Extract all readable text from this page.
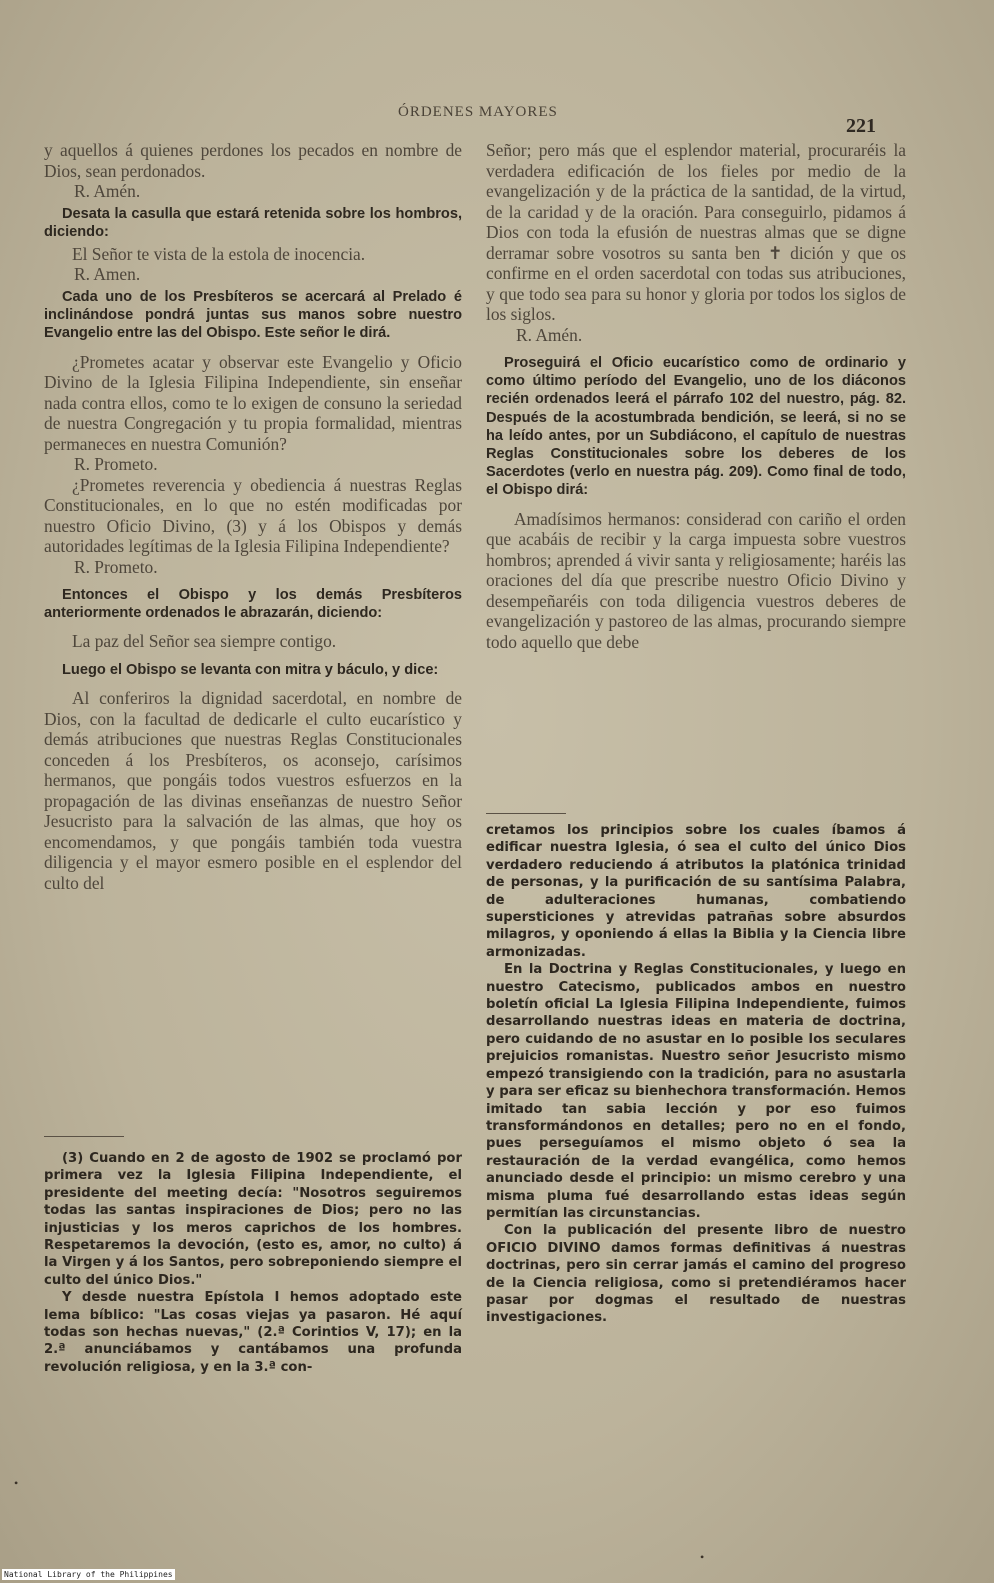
ÓRDENES MAYORES
221

y aquellos á quienes perdones los pecados en nombre de Dios, sean perdonados.

R. Amén.

Desata la casulla que estará retenida sobre los hombros, diciendo:

El Señor te vista de la estola de inocencia.

R. Amen.

Cada uno de los Presbíteros se acercará al Prelado é inclinándose pondrá juntas sus manos sobre nuestro Evangelio entre las del Obispo. Este señor le dirá.

¿Prometes acatar y observar este Evangelio y Oficio Divino de la Iglesia Filipina Independiente, sin enseñar nada contra ellos, como te lo exigen de consuno la seriedad de nuestra Congregación y tu propia formalidad, mientras permaneces en nuestra Comunión?

R. Prometo.

¿Prometes reverencia y obediencia á nuestras Reglas Constitucionales, en lo que no estén modificadas por nuestro Oficio Divino, (3) y á los Obispos y demás autoridades legítimas de la Iglesia Filipina Independiente?

R. Prometo.

Entonces el Obispo y los demás Presbíteros anteriormente ordenados le abrazarán, diciendo:

La paz del Señor sea siempre contigo.

Luego el Obispo se levanta con mitra y báculo, y dice:

Al conferiros la dignidad sacerdotal, en nombre de Dios, con la facultad de dedicarle el culto eucarístico y demás atribuciones que nuestras Reglas Constitucionales conceden á los Presbíteros, os aconsejo, carísimos hermanos, que pongáis todos vuestros esfuerzos en la propagación de las divinas enseñanzas de nuestro Señor Jesucristo para la salvación de las almas, que hoy os encomendamos, y que pongáis también toda vuestra diligencia y el mayor esmero posible en el esplendor del culto del

Señor; pero más que el esplendor material, procuraréis la verdadera edificación de los fieles por medio de la evangelización y de la práctica de la santidad, de la virtud, de la caridad y de la oración. Para conseguirlo, pidamos á Dios con toda la efusión de nuestras almas que se digne derramar sobre vosotros su santa ben ✝ dición y que os confirme en el orden sacerdotal con todas sus atribuciones, y que todo sea para su honor y gloria por todos los siglos de los siglos.

R. Amén.

Proseguirá el Oficio eucarístico como de ordinario y como último período del Evangelio, uno de los diáconos recién ordenados leerá el párrafo 102 del nuestro, pág. 82. Después de la acostumbrada bendición, se leerá, si no se ha leído antes, por un Subdiácono, el capítulo de nuestras Reglas Constitucionales sobre los deberes de los Sacerdotes (verlo en nuestra pág. 209). Como final de todo, el Obispo dirá:

Amadísimos hermanos: considerad con cariño el orden que acabáis de recibir y la carga impuesta sobre vuestros hombros; aprended á vivir santa y religiosamente; haréis las oraciones del día que prescribe nuestro Oficio Divino y desempeñaréis con toda diligencia vuestros deberes de evangelización y pastoreo de las almas, procurando siempre todo aquello que debe

(3) Cuando en 2 de agosto de 1902 se proclamó por primera vez la Iglesia Filipina Independiente, el presidente del meeting decía: "Nosotros seguiremos todas las santas inspiraciones de Dios; pero no las injusticias y los meros caprichos de los hombres. Respetaremos la devoción, (esto es, amor, no culto) á la Virgen y á los Santos, pero sobreponiendo siempre el culto del único Dios."

Y desde nuestra Epístola I hemos adoptado este lema bíblico: "Las cosas viejas ya pasaron. Hé aquí todas son hechas nuevas," (2.ª Corintios V, 17); en la 2.ª anunciábamos y cantábamos una profunda revolución religiosa, y en la 3.ª con-

cretamos los principios sobre los cuales íbamos á edificar nuestra Iglesia, ó sea el culto del único Dios verdadero reduciendo á atributos la platónica trinidad de personas, y la purificación de su santísima Palabra, de adulteraciones humanas, combatiendo supersticiones y atrevidas patrañas sobre absurdos milagros, y oponiendo á ellas la Biblia y la Ciencia libre armonizadas.

En la Doctrina y Reglas Constitucionales, y luego en nuestro Catecismo, publicados ambos en nuestro boletín oficial La Iglesia Filipina Independiente, fuimos desarrollando nuestras ideas en materia de doctrina, pero cuidando de no asustar en lo posible los seculares prejuicios romanistas. Nuestro señor Jesucristo mismo empezó transigiendo con la tradición, para no asustarla y para ser eficaz su bienhechora transformación. Hemos imitado tan sabia lección y por eso fuimos transformándonos en detalles; pero no en el fondo, pues perseguíamos el mismo objeto ó sea la restauración de la verdad evangélica, como hemos anunciado desde el principio: un mismo cerebro y una misma pluma fué desarrollando estas ideas según permitían las circunstancias.

Con la publicación del presente libro de nuestro OFICIO DIVINO damos formas definitivas á nuestras doctrinas, pero sin cerrar jamás el camino del progreso de la Ciencia religiosa, como si pretendiéramos hacer pasar por dogmas el resultado de nuestras investigaciones.

•
•
National Library of the Philippines
